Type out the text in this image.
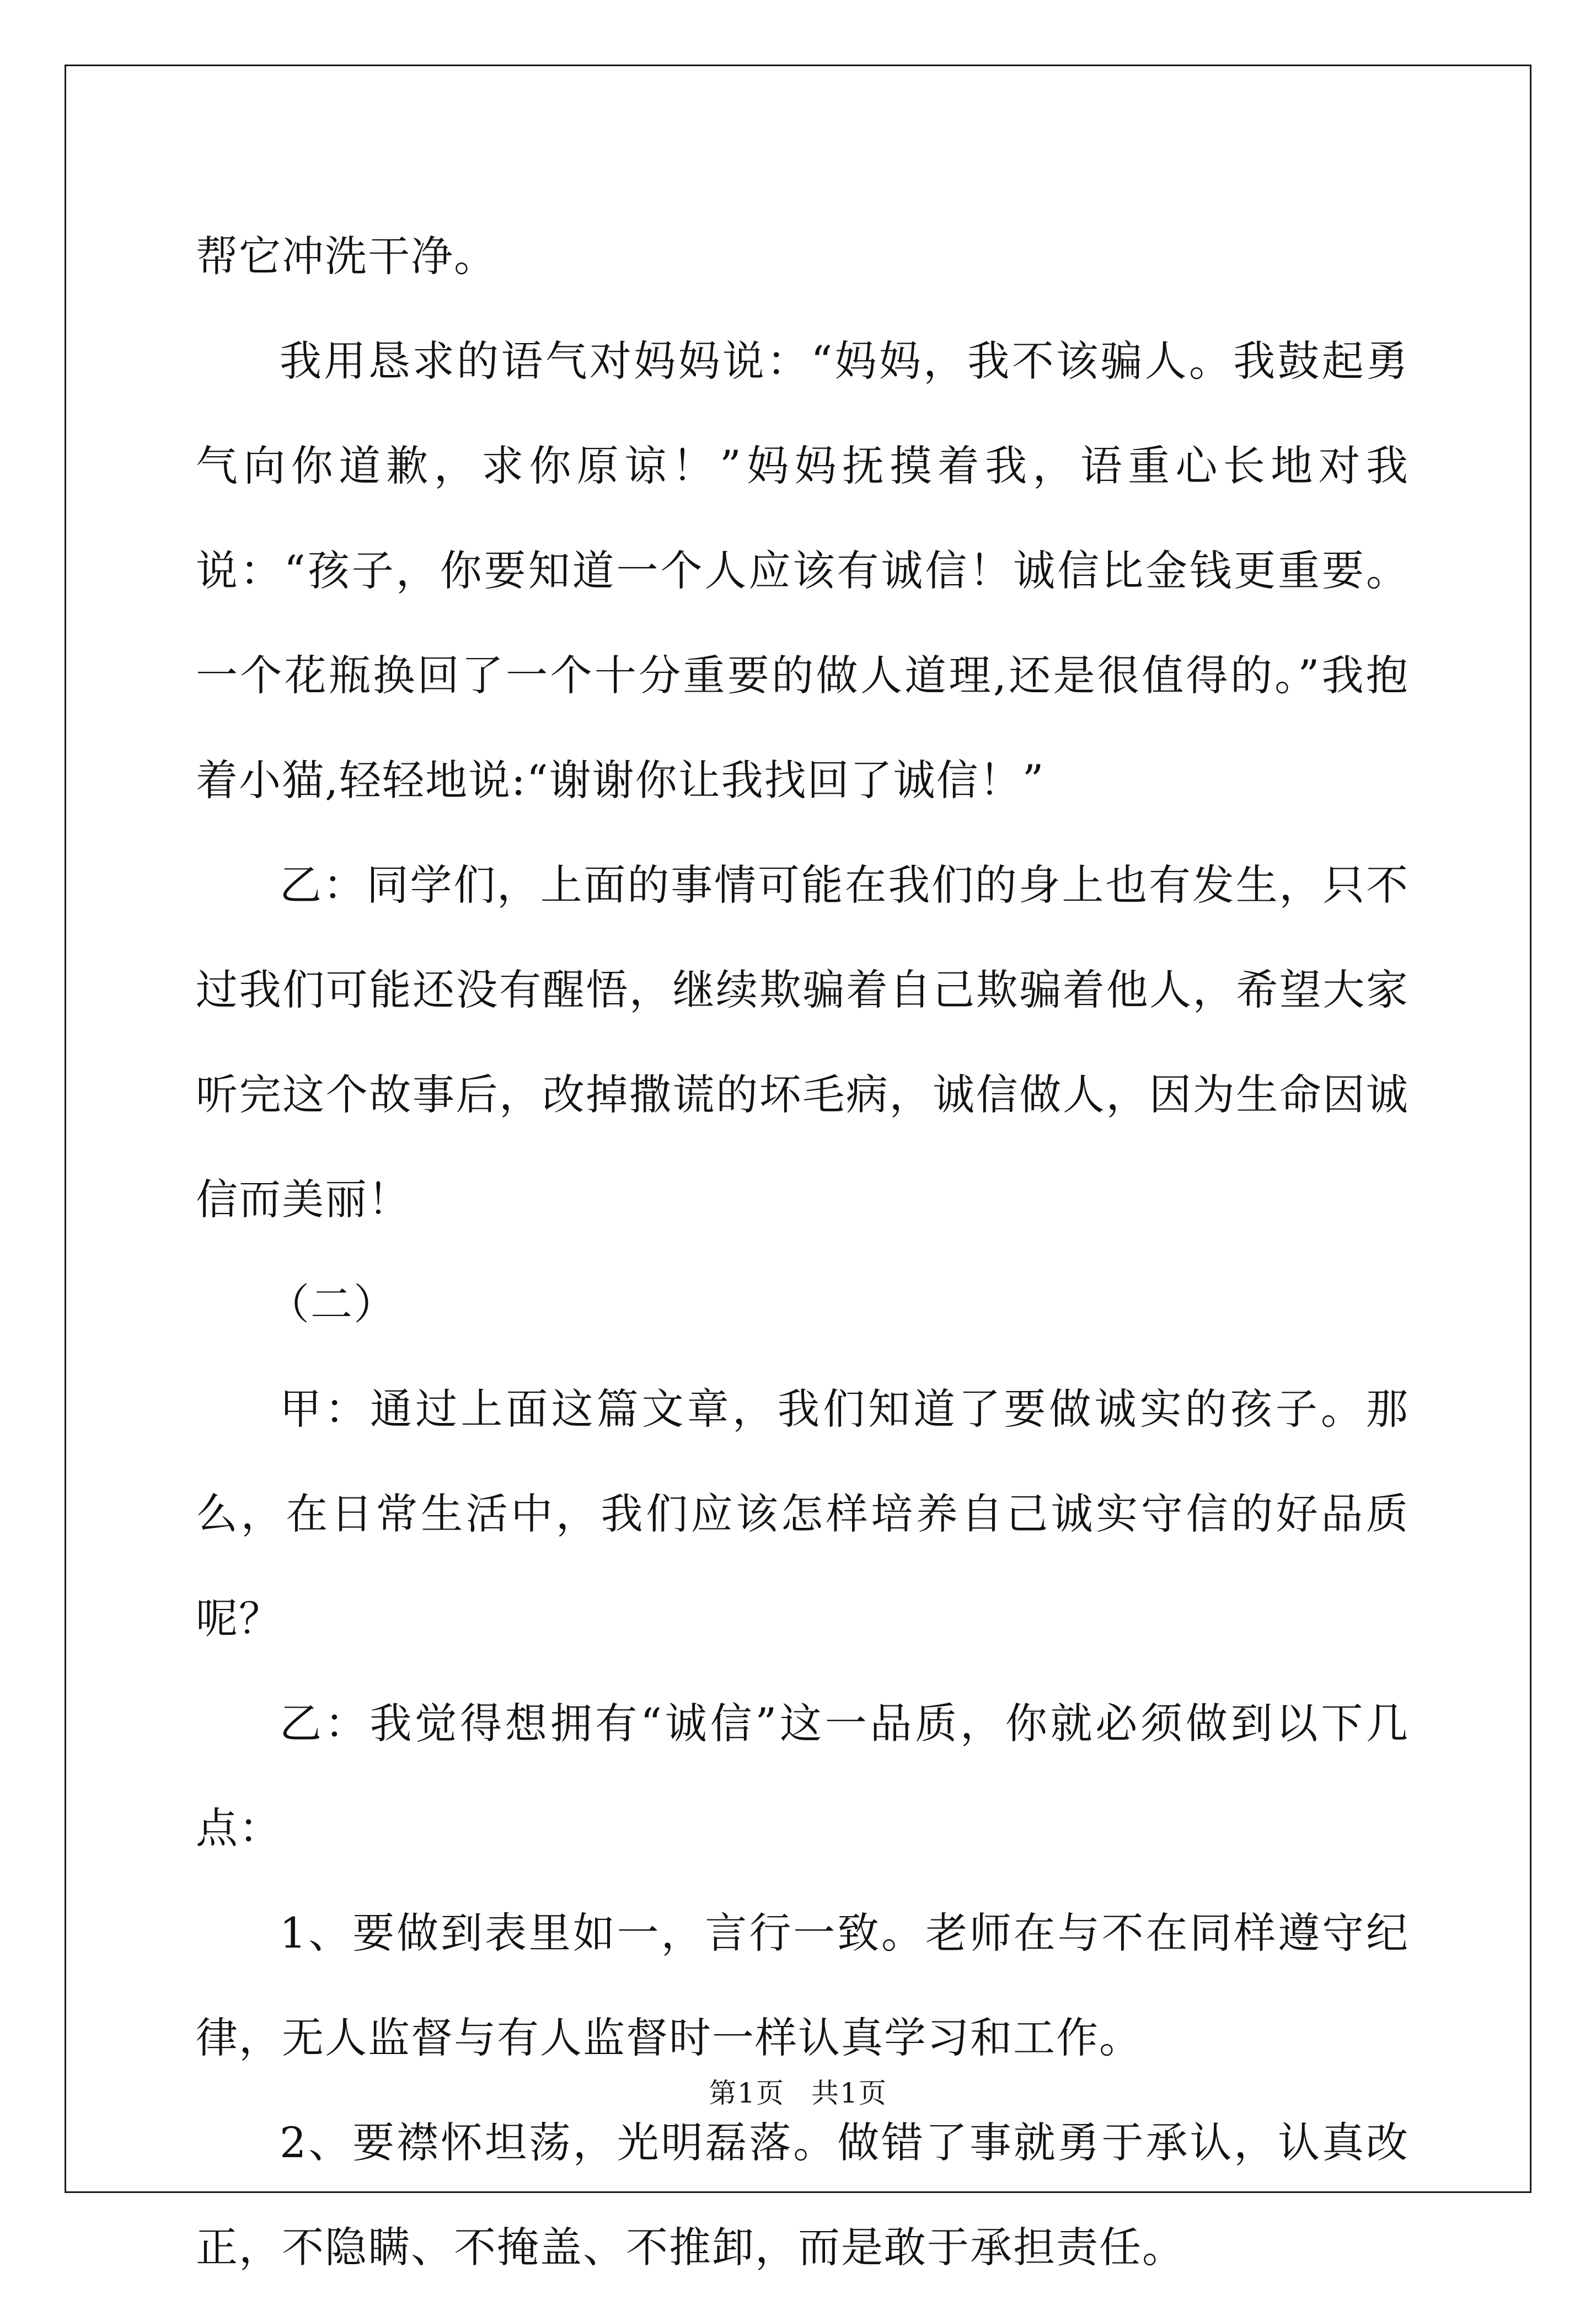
帮它冲洗干净。

我用恳求的语气对妈妈说：“妈妈，我不该骗人。我鼓起勇气向你道歉，求你原谅！”妈妈抚摸着我，语重心长地对我说：“孩子，你要知道一个人应该有诚信！诚信比金钱更重要。一个花瓶换回了一个十分重要的做人道理,还是很值得的。”我抱着小猫,轻轻地说:“谢谢你让我找回了诚信！”

乙：同学们，上面的事情可能在我们的身上也有发生，只不过我们可能还没有醒悟，继续欺骗着自己欺骗着他人，希望大家听完这个故事后，改掉撒谎的坏毛病，诚信做人，因为生命因诚信而美丽！

（二）

甲：通过上面这篇文章，我们知道了要做诚实的孩子。那么，在日常生活中，我们应该怎样培养自己诚实守信的好品质呢？

乙：我觉得想拥有“诚信”这一品质，你就必须做到以下几点：

1、要做到表里如一，言行一致。老师在与不在同样遵守纪律，无人监督与有人监督时一样认真学习和工作。

2、要襟怀坦荡，光明磊落。做错了事就勇于承认，认真改正，不隐瞒、不掩盖、不推卸，而是敢于承担责任。

第1页 共1页
